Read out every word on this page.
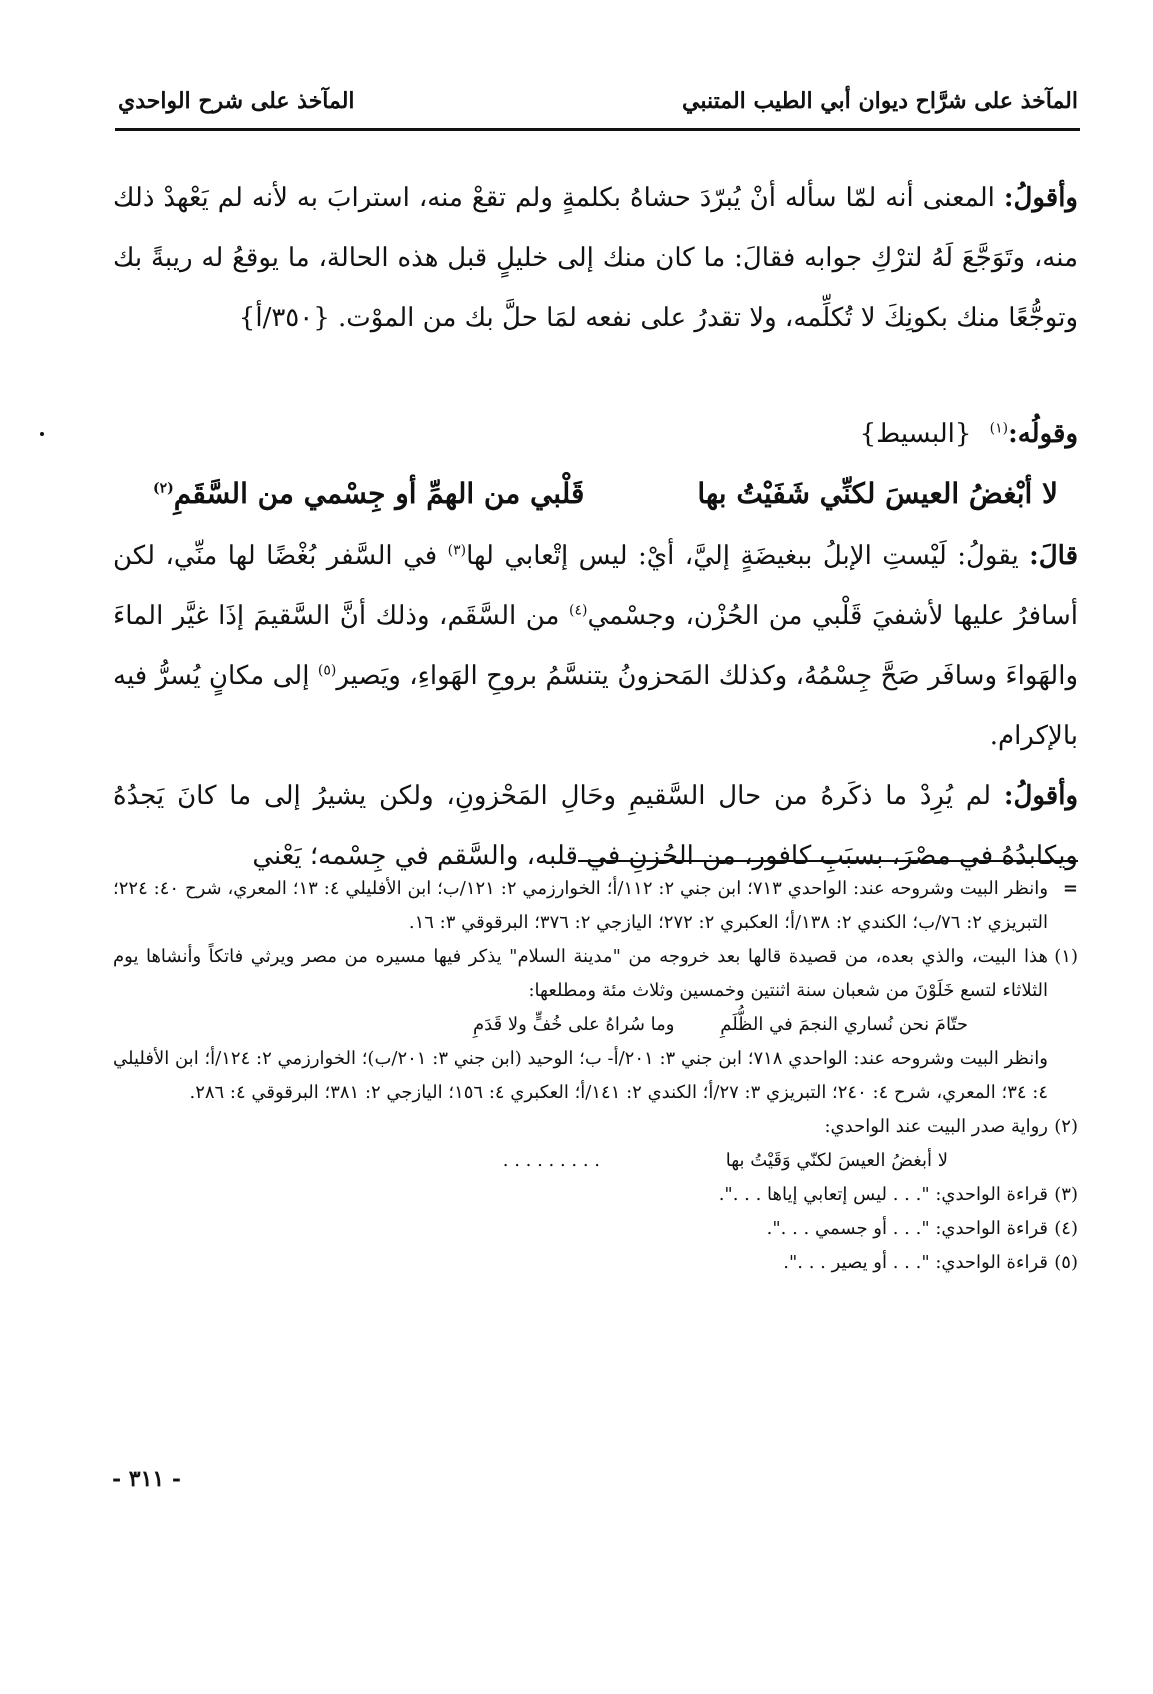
المآخذ على شرَّاح ديوان أبي الطيب المتنبي
المآخذ على شرح الواحدي

وأقولُ: المعنى أنه لمّا سأله أنْ يُبرّدَ حشاهُ بكلمةٍ ولم تقعْ منه، استرابَ به لأنه لم يَعْهدْ ذلك منه، وتَوَجَّعَ لَهُ لترْكِ جوابه فقالَ: ما كان منك إلى خليلٍ قبل هذه الحالة، ما يوقعُ له ريبةً بك وتوجُّعًا منك بكونِكَ لا تُكلِّمه، ولا تقدرُ على نفعه لمَا حلَّ بك من الموْت. {٣٥٠/أ}

وقولُه:$^{(١)}$ {البسيط}

لا أبْغضُ العيسَ لكنِّي شَفَيْتُ بها
قَلْبي من الهمِّ أو جِسْمي من السَّقَمِ$^{(٢)}$

قالَ: يقولُ: لَيْستِ الإبلُ ببغيضَةٍ إليَّ، أيْ: ليس إتْعابي لها$^{(٣)}$ في السَّفر بُغْضًا لها منِّي، لكن أسافرُ عليها لأشفيَ قَلْبي من الحُزْن، وجسْمي$^{(٤)}$ من السَّقَم، وذلك أنَّ السَّقيمَ إذَا غيَّر الماءَ والهَواءَ وسافَر صَحَّ جِسْمُهُ، وكذلك المَحزونُ يتنسَّمُ بروحِ الهَواءِ، ويَصير$^{(٥)}$ إلى مكانٍ يُسرُّ فيه بالإكرام.

وأقولُ: لم يُرِدْ ما ذكَرهُ من حال السَّقيمِ وحَالِ المَحْزونِ، ولكن يشيرُ إلى ما كانَ يَجدُهُ ويكابدُهُ في مصْرَ، بسبَبِ كافور، من الحُزنِ في قلبه، والسَّقم في جِسْمه؛ يَعْني

=
وانظر البيت وشروحه عند: الواحدي ٧١٣؛ ابن جني ٢: ١١٢/أ؛ الخوارزمي ٢: ١٢١/ب؛ ابن الأفليلي ٤: ١٣؛ المعري، شرح ٤٠: ٢٢٤؛ التبريزي ٢: ٧٦/ب؛ الكندي ٢: ١٣٨/أ؛ العكبري ٢: ٢٧٢؛ اليازجي ٢: ٣٧٦؛ البرقوقي ٣: ١٦.

(١)
هذا البيت، والذي بعده، من قصيدة قالها بعد خروجه من "مدينة السلام" يذكر فيها مسيره من مصر ويرثي فاتكاً وأنشاها يوم الثلاثاء لتسع خَلَوْنَ من شعبان سنة اثنتين وخمسين وثلاث مئة ومطلعها:

حتّامَ نحن نُساري النجمَ في الظُّلَمِ وما سُراهُ على خُفٍّ ولا قَدَمِ

وانظر البيت وشروحه عند: الواحدي ٧١٨؛ ابن جني ٣: ٢٠١/أ- ب؛ الوحيد (ابن جني ٣: ٢٠١/ب)؛ الخوارزمي ٢: ١٢٤/أ؛ ابن الأفليلي ٤: ٣٤؛ المعري، شرح ٤: ٢٤٠؛ التبريزي ٣: ٢٧/أ؛ الكندي ٢: ١٤١/أ؛ العكبري ٤: ١٥٦؛ اليازجي ٢: ٣٨١؛ البرقوقي ٤: ٢٨٦.

(٢)
رواية صدر البيت عند الواحدي:

لا أبغضُ العيسَ لكنّي وَقَيْتُ بها . . . . . . . . .

(٣)
قراءة الواحدي: ". . . ليس إتعابي إياها . . .".

(٤)
قراءة الواحدي: ". . . أو جسمي . . .".

(٥)
قراءة الواحدي: ". . . أو يصير . . .".

- ٣١١ -
